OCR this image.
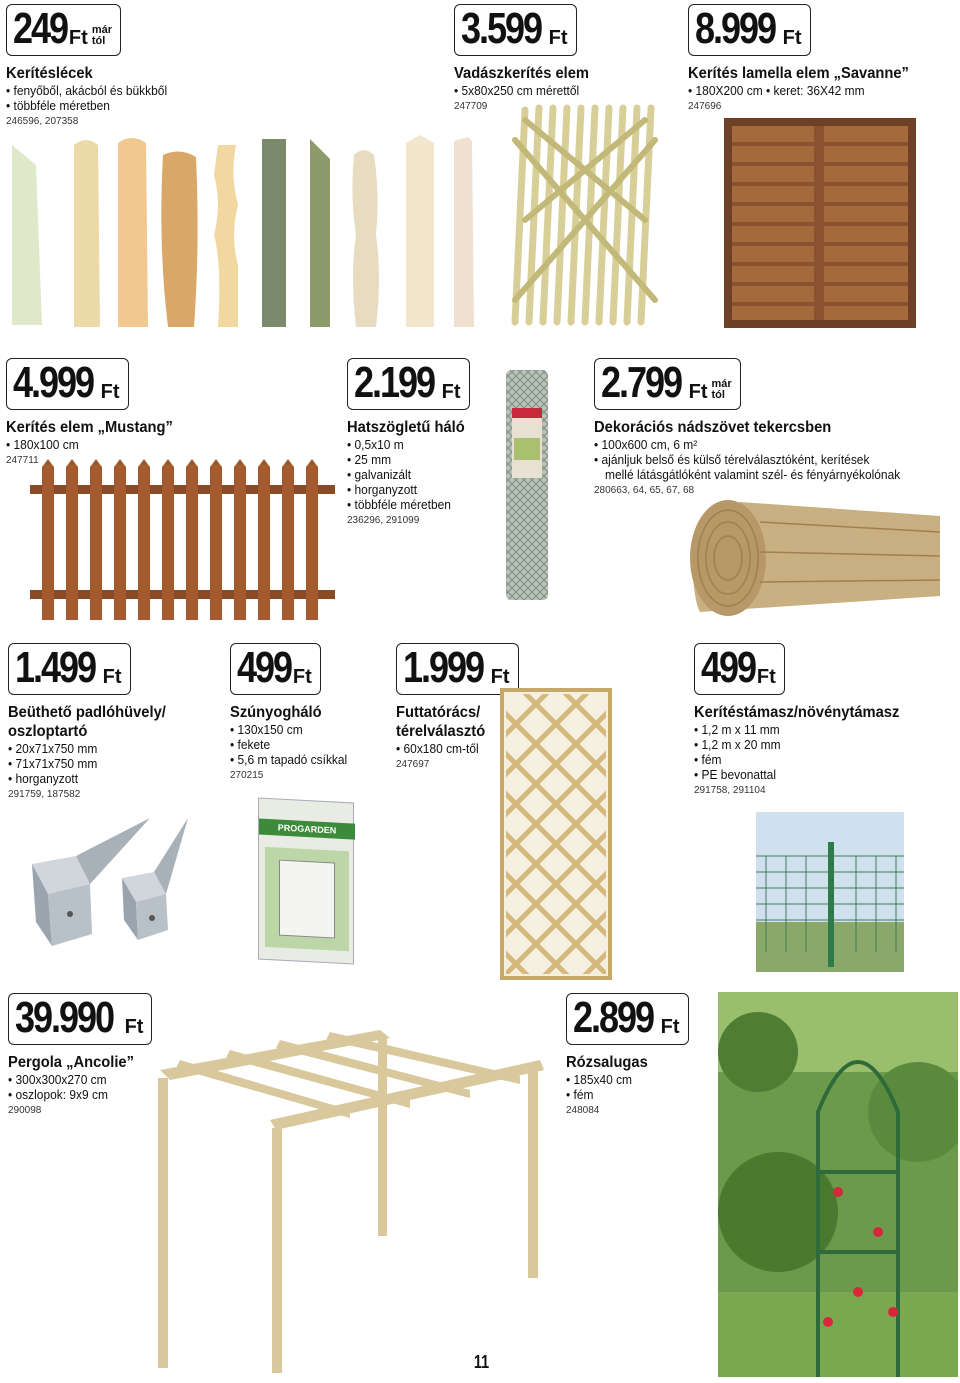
249 Ft már
tól
Kerítéslécek
• fenyőből, akácból és bükkből
• többféle méretben
246596, 207358
3.599 Ft
Vadászkerítés elem
• 5x80x250 cm mérettől
247709
8.999 Ft
Kerítés lamella elem „Savanne”
• 180X200 cm• keret: 36X42 mm
247696
4.999 Ft
Kerítés elem „Mustang”
• 180x100 cm
247711
2.199 Ft
Hatszögletű háló
• 0,5x10 m
• 25 mm
• galvanizált
• horganyzott
• többféle méretben
236296, 291099
2.799 Ft már
tól
Dekorációs nádszövet tekercsben
• 100x600 cm, 6 m²
• ajánljuk belső és külső térelválasztóként, kerítések
mellé látásgátlóként valamint szél- és fényárnyékolónak
280663, 64, 65, 67, 68
1.499 Ft
Beüthető padlóhüvely/
oszloptartó
• 20x71x750 mm
• 71x71x750 mm
• horganyzott
291759, 187582
499 Ft
Szúnyogháló
• 130x150 cm
• fekete
• 5,6 m tapadó csíkkal
270215
PROGARDEN
1.999 Ft
Futtatórács/
térelválasztó
• 60x180 cm-től
247697
499 Ft
Kerítéstámasz/növénytámasz
• 1,2 m x 11 mm
• 1,2 m x 20 mm
• fém
• PE bevonattal
291758, 291104
39.990 Ft
Pergola „Ancolie”
• 300x300x270 cm
• oszlopok: 9x9 cm
290098
2.899 Ft
Rózsalugas
• 185x40 cm
• fém
248084
11
